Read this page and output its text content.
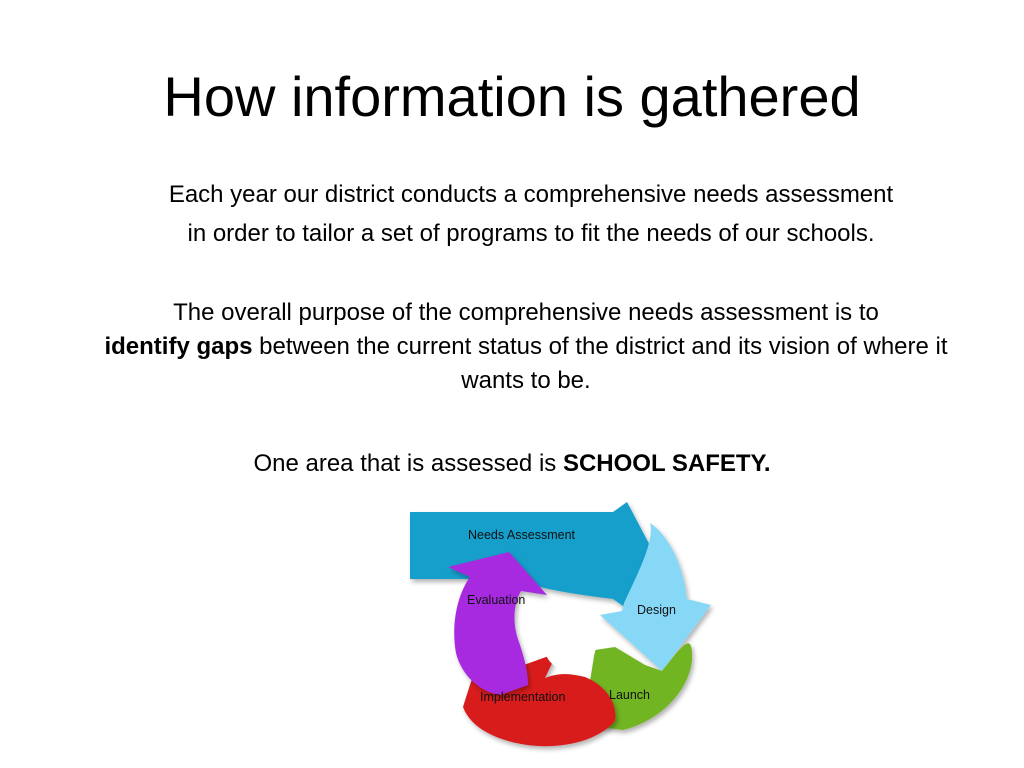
How information is gathered

Each year our district conducts a comprehensive needs assessment
in order to tailor a set of programs to fit the needs of our schools.

The overall purpose of the comprehensive needs assessment is to
identify gaps between the current status of the district and its vision of where it wants to be.

One area that is assessed is SCHOOL SAFETY.

Needs Assessment
Design
Launch
Implementation
Evaluation
